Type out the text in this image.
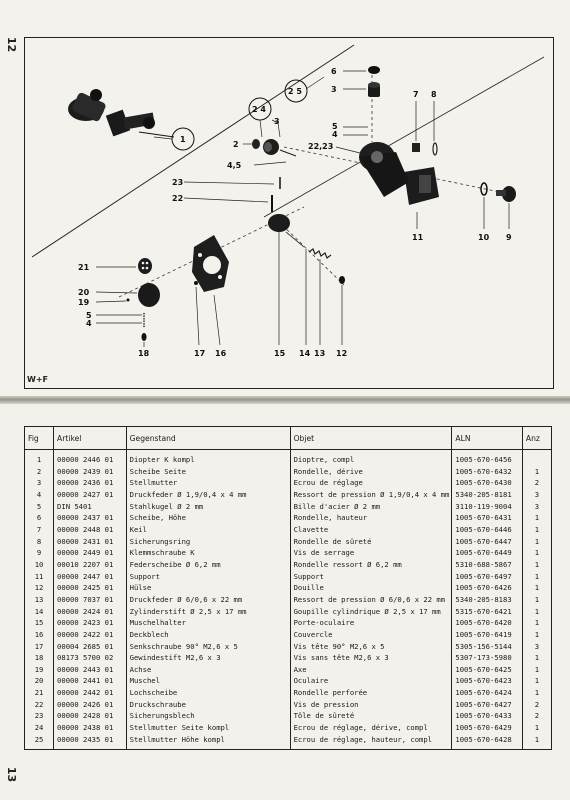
12
13
W+F
1
2 4
2 5
6
3
5
4
22,23
3
2
4,5
23
22
7 8
11	10 9
12
13
14
15
16
17
18
21
20
19
5
4
Fig	Artikel	Gegenstand	Objet	ALN	Anz
1	00000 2446 01	Diopter K kompl	Dioptre, compl	1005-670-6456	
2	00000 2439 01	Scheibe Seite	Rondelle, dérive	1005-670-6432	1
3	00000 2436 01	Stellmutter	Ecrou de réglage	1005-670-6430	2
4	00000 2427 01	Druckfeder Ø 1,9/0,4 x 4 mm	Ressort de pression Ø 1,9/0,4 x 4 mm	5340-205-8181	3
5	DIN 5401	Stahlkugel Ø 2 mm	Bille d'acier Ø 2 mm	3110-119-9004	3
6	00000 2437 01	Scheibe, Höhe	Rondelle, hauteur	1005-670-6431	1
7	00000 2448 01	Keil	Clavette	1005-670-6446	1
8	00000 2431 01	Sicherungsring	Rondelle de sûreté	1005-670-6447	1
9	00000 2449 01	Klemmschraube K	Vis de serrage	1005-670-6449	1
10	00010 2207 01	Federscheibe Ø 6,2 mm	Rondelle ressort Ø 6,2 mm	5310-688-5867	1
11	00000 2447 01	Support	Support	1005-670-6497	1
12	00000 2425 01	Hülse	Douille	1005-670-6426	1
13	00000 7037 01	Druckfeder Ø 6/0,6 x 22 mm	Ressort de pression Ø 6/0,6 x 22 mm	5340-205-8183	1
14	00000 2424 01	Zylinderstift Ø 2,5 x 17 mm	Goupille cylindrique Ø 2,5 x 17 mm	5315-670-6421	1
15	00000 2423 01	Muschelhalter	Porte-oculaire	1005-670-6420	1
16	00000 2422 01	Deckblech	Couvercle	1005-670-6419	1
17	00004 2685 01	Senkschraube 90° M2,6 x 5	Vis tête 90° M2,6 x 5	5305-156-5144	3
18	08173 5700 02	Gewindestift M2,6 x 3	Vis sans tête M2,6 x 3	5307-173-5980	1
19	00000 2443 01	Achse	Axe	1005-670-6425	1
20	00000 2441 01	Muschel	Oculaire	1005-670-6423	1
21	00000 2442 01	Lochscheibe	Rondelle perforée	1005-670-6424	1
22	00000 2426 01	Druckschraube	Vis de pression	1005-670-6427	2
23	00000 2428 01	Sicherungsblech	Tôle de sûreté	1005-670-6433	2
24	00000 2438 01	Stellmutter Seite kompl	Ecrou de réglage, dérive, compl	1005-670-6429	1
25	00000 2435 01	Stellmutter Höhe kompl	Ecrou de réglage, hauteur, compl	1005-670-6428	1
